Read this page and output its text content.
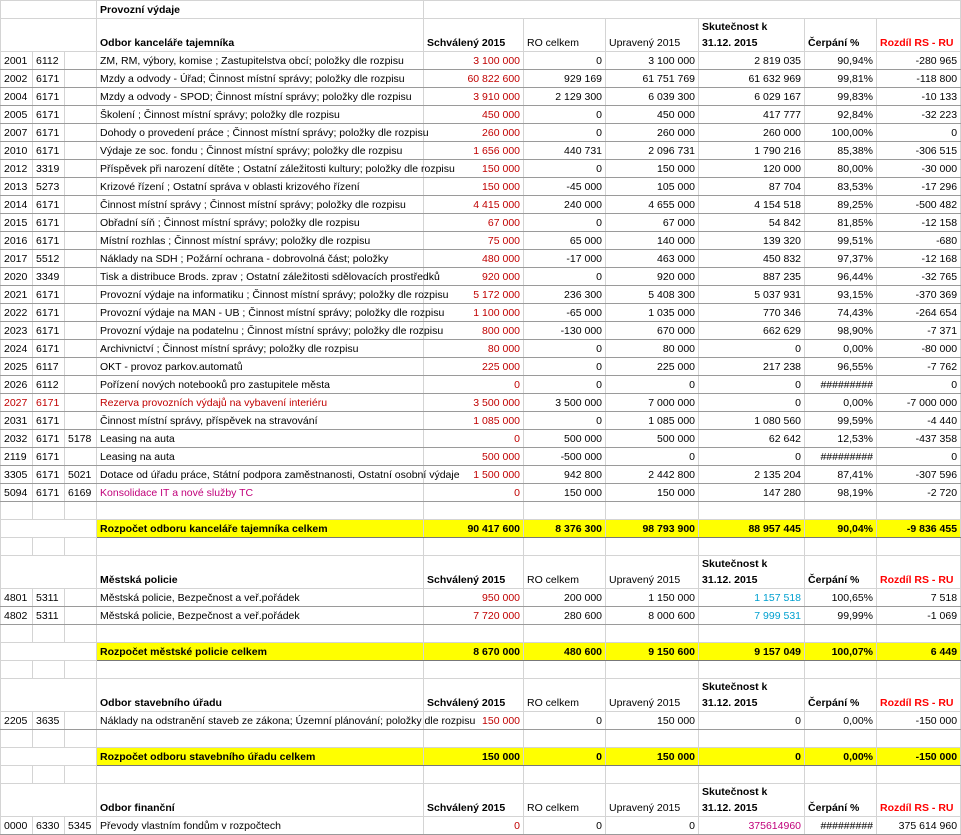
			Provozní výdaje						
							Skutečnost k		
			Odbor kanceláře tajemníka	Schválený 2015	RO celkem	Upravený 2015	31.12. 2015	Čerpání %	Rozdíl RS - RU
2001	6112		ZM, RM, výbory, komise ; Zastupitelstva obcí; položky dle rozpisu	3 100 000	0	3 100 000	2 819 035	90,94%	-280 965
2002	6171		Mzdy a odvody - Úřad; Činnost místní správy; položky dle rozpisu	60 822 600	929 169	61 751 769	61 632 969	99,81%	-118 800
2004	6171		Mzdy a odvody - SPOD; Činnost místní správy; položky dle rozpisu	3 910 000	2 129 300	6 039 300	6 029 167	99,83%	-10 133
2005	6171		Školení ; Činnost místní správy; položky dle rozpisu	450 000	0	450 000	417 777	92,84%	-32 223
2007	6171		Dohody o provedení práce ; Činnost místní správy; položky dle rozpisu	260 000	0	260 000	260 000	100,00%	0
2010	6171		Výdaje ze soc. fondu ; Činnost místní správy; položky dle rozpisu	1 656 000	440 731	2 096 731	1 790 216	85,38%	-306 515
2012	3319		Příspěvek při narození dítěte ; Ostatní záležitosti kultury; položky dle rozpisu	150 000	0	150 000	120 000	80,00%	-30 000
2013	5273		Krizové řízení ; Ostatní správa v oblasti krizového řízení	150 000	-45 000	105 000	87 704	83,53%	-17 296
2014	6171		Činnost místní správy ; Činnost místní správy; položky dle rozpisu	4 415 000	240 000	4 655 000	4 154 518	89,25%	-500 482
2015	6171		Obřadní síň ; Činnost místní správy; položky dle rozpisu	67 000	0	67 000	54 842	81,85%	-12 158
2016	6171		Místní rozhlas ; Činnost místní správy; položky dle rozpisu	75 000	65 000	140 000	139 320	99,51%	-680
2017	5512		Náklady na SDH ; Požární ochrana - dobrovolná část; položky	480 000	-17 000	463 000	450 832	97,37%	-12 168
2020	3349		Tisk a distribuce Brods. zprav ; Ostatní záležitosti sdělovacích prostředků	920 000	0	920 000	887 235	96,44%	-32 765
2021	6171		Provozní výdaje na informatiku ; Činnost místní správy; položky dle rozpisu	5 172 000	236 300	5 408 300	5 037 931	93,15%	-370 369
2022	6171		Provozní výdaje na MAN - UB ; Činnost místní správy; položky dle rozpisu	1 100 000	-65 000	1 035 000	770 346	74,43%	-264 654
2023	6171		Provozní výdaje na podatelnu ; Činnost místní správy; položky dle rozpisu	800 000	-130 000	670 000	662 629	98,90%	-7 371
2024	6171		Archivnictví ; Činnost místní správy; položky dle rozpisu	80 000	0	80 000	0	0,00%	-80 000
2025	6117		OKT - provoz parkov.automatů	225 000	0	225 000	217 238	96,55%	-7 762
2026	6112		Pořízení nových notebooků pro zastupitele města	0	0	0	0	#########	0
2027	6171		Rezerva provozních výdajů na vybavení interiéru	3 500 000	3 500 000	7 000 000	0	0,00%	-7 000 000
2031	6171		Činnost místní správy, příspěvek na stravování	1 085 000	0	1 085 000	1 080 560	99,59%	-4 440
2032	6171	5178	Leasing na auta	0	500 000	500 000	62 642	12,53%	-437 358
2119	6171		Leasing na auta	500 000	-500 000	0	0	#########	0
3305	6171	5021	Dotace od úřadu práce, Státní podpora zaměstnanosti, Ostatní osobní výdaje	1 500 000	942 800	2 442 800	2 135 204	87,41%	-307 596
5094	6171	6169	Konsolidace IT a nové služby TC	0	150 000	150 000	147 280	98,19%	-2 720

			Rozpočet odboru kanceláře tajemníka celkem	90 417 600	8 376 300	98 793 900	88 957 445	90,04%	-9 836 455

							Skutečnost k		
			Městská policie	Schválený 2015	RO celkem	Upravený 2015	31.12. 2015	Čerpání %	Rozdíl RS - RU
4801	5311		Městská policie, Bezpečnost a veř.pořádek	950 000	200 000	1 150 000	1 157 518	100,65%	7 518
4802	5311		Městská policie, Bezpečnost a veř.pořádek	7 720 000	280 600	8 000 600	7 999 531	99,99%	-1 069

			Rozpočet městské policie celkem	8 670 000	480 600	9 150 600	9 157 049	100,07%	6 449

							Skutečnost k		
			Odbor stavebního úřadu	Schválený 2015	RO celkem	Upravený 2015	31.12. 2015	Čerpání %	Rozdíl RS - RU
2205	3635		Náklady na odstranění staveb ze zákona; Územní plánování; položky dle rozpisu	150 000	0	150 000	0	0,00%	-150 000

			Rozpočet odboru stavebního úřadu celkem	150 000	0	150 000	0	0,00%	-150 000

							Skutečnost k		
			Odbor finanční	Schválený 2015	RO celkem	Upravený 2015	31.12. 2015	Čerpání %	Rozdíl RS - RU
0000	6330	5345	Převody vlastním fondům v rozpočtech	0	0	0	375614960	#########	375 614 960
